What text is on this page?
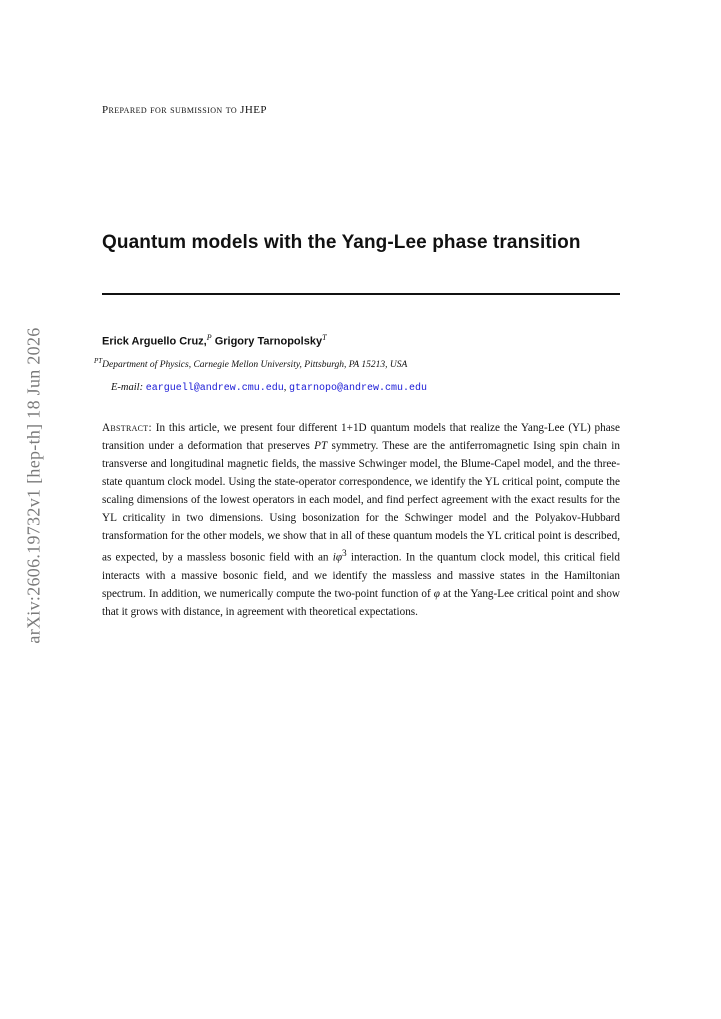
arXiv:2606.19732v1 [hep-th] 18 Jun 2026
Prepared for submission to JHEP
Quantum models with the Yang-Lee phase transition
Erick Arguello Cruz,$^P$ Grigory Tarnopolsky$^T$
$^{PT}$Department of Physics, Carnegie Mellon University, Pittsburgh, PA 15213, USA
E-mail: earguell@andrew.cmu.edu, gtarnopo@andrew.cmu.edu
Abstract: In this article, we present four different 1+1D quantum models that realize the Yang-Lee (YL) phase transition under a deformation that preserves PT symmetry. These are the antiferromagnetic Ising spin chain in transverse and longitudinal magnetic fields, the massive Schwinger model, the Blume-Capel model, and the three-state quantum clock model. Using the state-operator correspondence, we identify the YL critical point, compute the scaling dimensions of the lowest operators in each model, and find perfect agreement with the exact results for the YL criticality in two dimensions. Using bosonization for the Schwinger model and the Polyakov-Hubbard transformation for the other models, we show that in all of these quantum models the YL critical point is described, as expected, by a massless bosonic field with an $i\varphi^3$ interaction. In the quantum clock model, this critical field interacts with a massive bosonic field, and we identify the massless and massive states in the Hamiltonian spectrum. In addition, we numerically compute the two-point function of φ at the Yang-Lee critical point and show that it grows with distance, in agreement with theoretical expectations.
